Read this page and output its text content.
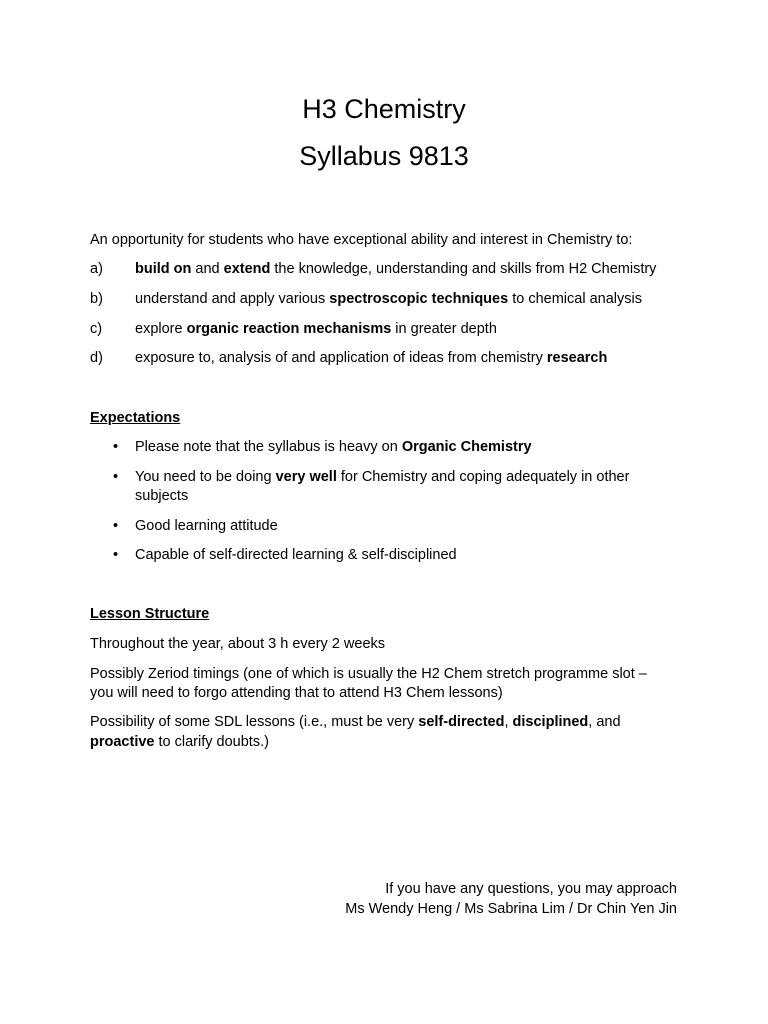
H3 Chemistry
Syllabus 9813
An opportunity for students who have exceptional ability and interest in Chemistry to:
a) build on and extend the knowledge, understanding and skills from H2 Chemistry
b) understand and apply various spectroscopic techniques to chemical analysis
c) explore organic reaction mechanisms in greater depth
d) exposure to, analysis of and application of ideas from chemistry research
Expectations
• Please note that the syllabus is heavy on Organic Chemistry
• You need to be doing very well for Chemistry and coping adequately in other
subjects
• Good learning attitude
• Capable of self-directed learning & self-disciplined
Lesson Structure
Throughout the year, about 3 h every 2 weeks
Possibly Zeriod timings (one of which is usually the H2 Chem stretch programme slot –
you will need to forgo attending that to attend H3 Chem lessons)
Possibility of some SDL lessons (i.e., must be very self-directed, disciplined, and
proactive to clarify doubts.)
If you have any questions, you may approach
Ms Wendy Heng / Ms Sabrina Lim / Dr Chin Yen Jin
